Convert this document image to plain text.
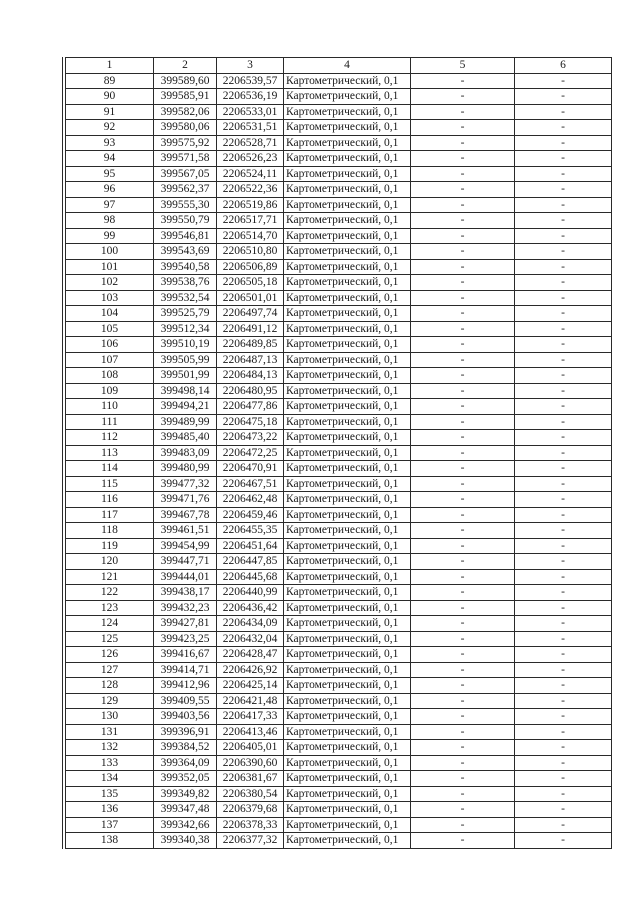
1	2	3	4	5	6
89	399589,60	2206539,57	Картометрический, 0,1	-	-
90	399585,91	2206536,19	Картометрический, 0,1	-	-
91	399582,06	2206533,01	Картометрический, 0,1	-	-
92	399580,06	2206531,51	Картометрический, 0,1	-	-
93	399575,92	2206528,71	Картометрический, 0,1	-	-
94	399571,58	2206526,23	Картометрический, 0,1	-	-
95	399567,05	2206524,11	Картометрический, 0,1	-	-
96	399562,37	2206522,36	Картометрический, 0,1	-	-
97	399555,30	2206519,86	Картометрический, 0,1	-	-
98	399550,79	2206517,71	Картометрический, 0,1	-	-
99	399546,81	2206514,70	Картометрический, 0,1	-	-
100	399543,69	2206510,80	Картометрический, 0,1	-	-
101	399540,58	2206506,89	Картометрический, 0,1	-	-
102	399538,76	2206505,18	Картометрический, 0,1	-	-
103	399532,54	2206501,01	Картометрический, 0,1	-	-
104	399525,79	2206497,74	Картометрический, 0,1	-	-
105	399512,34	2206491,12	Картометрический, 0,1	-	-
106	399510,19	2206489,85	Картометрический, 0,1	-	-
107	399505,99	2206487,13	Картометрический, 0,1	-	-
108	399501,99	2206484,13	Картометрический, 0,1	-	-
109	399498,14	2206480,95	Картометрический, 0,1	-	-
110	399494,21	2206477,86	Картометрический, 0,1	-	-
111	399489,99	2206475,18	Картометрический, 0,1	-	-
112	399485,40	2206473,22	Картометрический, 0,1	-	-
113	399483,09	2206472,25	Картометрический, 0,1	-	-
114	399480,99	2206470,91	Картометрический, 0,1	-	-
115	399477,32	2206467,51	Картометрический, 0,1	-	-
116	399471,76	2206462,48	Картометрический, 0,1	-	-
117	399467,78	2206459,46	Картометрический, 0,1	-	-
118	399461,51	2206455,35	Картометрический, 0,1	-	-
119	399454,99	2206451,64	Картометрический, 0,1	-	-
120	399447,71	2206447,85	Картометрический, 0,1	-	-
121	399444,01	2206445,68	Картометрический, 0,1	-	-
122	399438,17	2206440,99	Картометрический, 0,1	-	-
123	399432,23	2206436,42	Картометрический, 0,1	-	-
124	399427,81	2206434,09	Картометрический, 0,1	-	-
125	399423,25	2206432,04	Картометрический, 0,1	-	-
126	399416,67	2206428,47	Картометрический, 0,1	-	-
127	399414,71	2206426,92	Картометрический, 0,1	-	-
128	399412,96	2206425,14	Картометрический, 0,1	-	-
129	399409,55	2206421,48	Картометрический, 0,1	-	-
130	399403,56	2206417,33	Картометрический, 0,1	-	-
131	399396,91	2206413,46	Картометрический, 0,1	-	-
132	399384,52	2206405,01	Картометрический, 0,1	-	-
133	399364,09	2206390,60	Картометрический, 0,1	-	-
134	399352,05	2206381,67	Картометрический, 0,1	-	-
135	399349,82	2206380,54	Картометрический, 0,1	-	-
136	399347,48	2206379,68	Картометрический, 0,1	-	-
137	399342,66	2206378,33	Картометрический, 0,1	-	-
138	399340,38	2206377,32	Картометрический, 0,1	-	-
